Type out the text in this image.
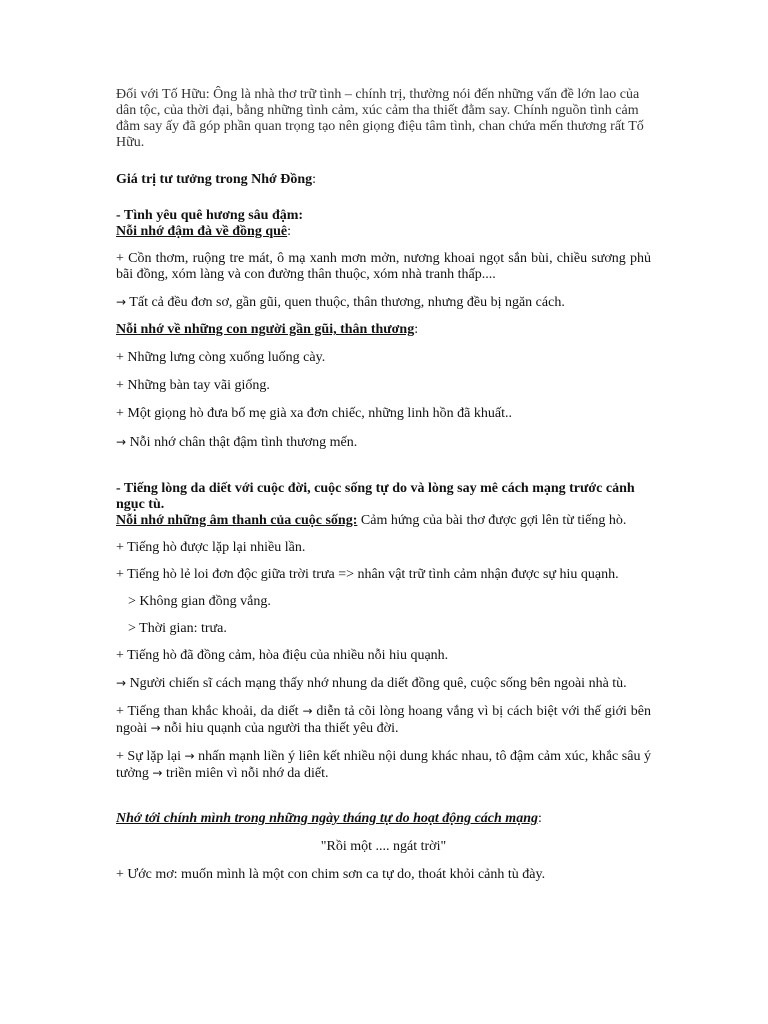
Đối với Tố Hữu: Ông là nhà thơ trữ tình – chính trị, thường nói đến những vấn đề lớn lao của dân tộc, của thời đại, bằng những tình cảm, xúc cảm tha thiết đằm say. Chính nguồn tình cảm đằm say ấy đã góp phần quan trọng tạo nên giọng điệu tâm tình, chan chứa mến thương rất Tố Hữu.

Giá trị tư tưởng trong Nhớ Đồng:

- Tình yêu quê hương sâu đậm:

Nỗi nhớ đậm đà về đồng quê:

+ Cồn thơm, ruộng tre mát, ô mạ xanh mơn mởn, nương khoai ngọt sắn bùi, chiều sương phủ bãi đồng, xóm làng và con đường thân thuộc, xóm nhà tranh thấp....

→ Tất cả đều đơn sơ, gần gũi, quen thuộc, thân thương, nhưng đều bị ngăn cách.

Nỗi nhớ về những con người gần gũi, thân thương:

+ Những lưng còng xuống luống cày.

+ Những bàn tay vãi giống.

+ Một giọng hò đưa bố mẹ già xa đơn chiếc, những linh hồn đã khuất..

→ Nỗi nhớ chân thật đậm tình thương mến.

- Tiếng lòng da diết với cuộc đời, cuộc sống tự do và lòng say mê cách mạng trước cảnh ngục tù.

Nỗi nhớ những âm thanh của cuộc sống: Cảm hứng của bài thơ được gợi lên từ tiếng hò.

+ Tiếng hò được lặp lại nhiều lần.

+ Tiếng hò lẻ loi đơn độc giữa trời trưa => nhân vật trữ tình cảm nhận được sự hiu quạnh.

> Không gian đồng vắng.

> Thời gian: trưa.

+ Tiếng hò đã đồng cảm, hòa điệu của nhiều nỗi hiu quạnh.

→ Người chiến sĩ cách mạng thấy nhớ nhung da diết đồng quê, cuộc sống bên ngoài nhà tù.

+ Tiếng than khắc khoải, da diết → diễn tả cõi lòng hoang vắng vì bị cách biệt với thế giới bên ngoài → nỗi hiu quạnh của người tha thiết yêu đời.

+ Sự lặp lại → nhấn mạnh liền ý liên kết nhiều nội dung khác nhau, tô đậm cảm xúc, khắc sâu ý tưởng → triền miên vì nỗi nhớ da diết.

Nhớ tới chính mình trong những ngày tháng tự do hoạt động cách mạng:

"Rồi một .... ngát trời"

+ Ước mơ: muốn mình là một con chim sơn ca tự do, thoát khỏi cảnh tù đày.
